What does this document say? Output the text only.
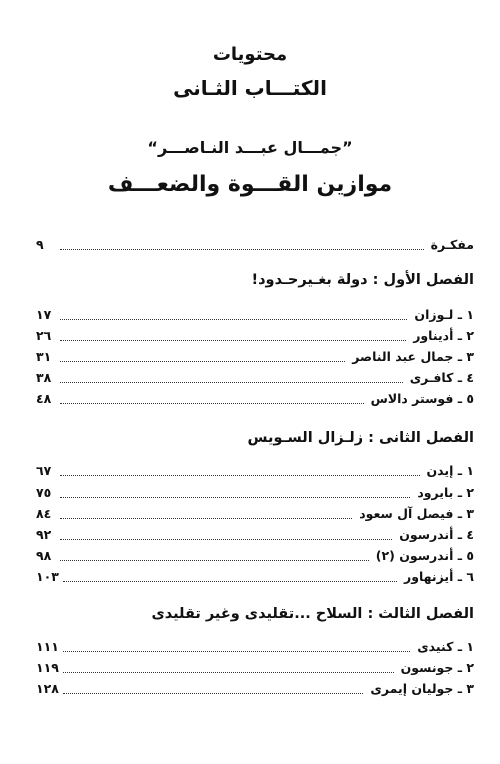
محتويات
الكتـــاب الثـانى
”جمـــال عبـــد النـاصـــر“
موازين القـــوة والضعـــف
مفكـرة
٩
الفصل الأول : دولة بغـيرحـدود!
١ ـ لـوزان
١٧
٢ ـ أديناور
٢٦
٣ ـ جمال عبد الناصر
٣١
٤ ـ كافـرى
٣٨
٥ ـ فوستر دالاس
٤٨
الفصل الثانى : زلـزال السـويس
١ ـ إيدن
٦٧
٢ ـ بايرود
٧٥
٣ ـ فيصل آل سعود
٨٤
٤ ـ أندرسون
٩٢
٥ ـ أندرسون (٢)
٩٨
٦ ـ أيزنهاور
١٠٣
الفصل الثالث : السلاح ...تقليدى وغير تقليدى
١ ـ كنيدى
١١١
٢ ـ جونسون
١١٩
٣ ـ جوليان إيمرى
١٢٨
